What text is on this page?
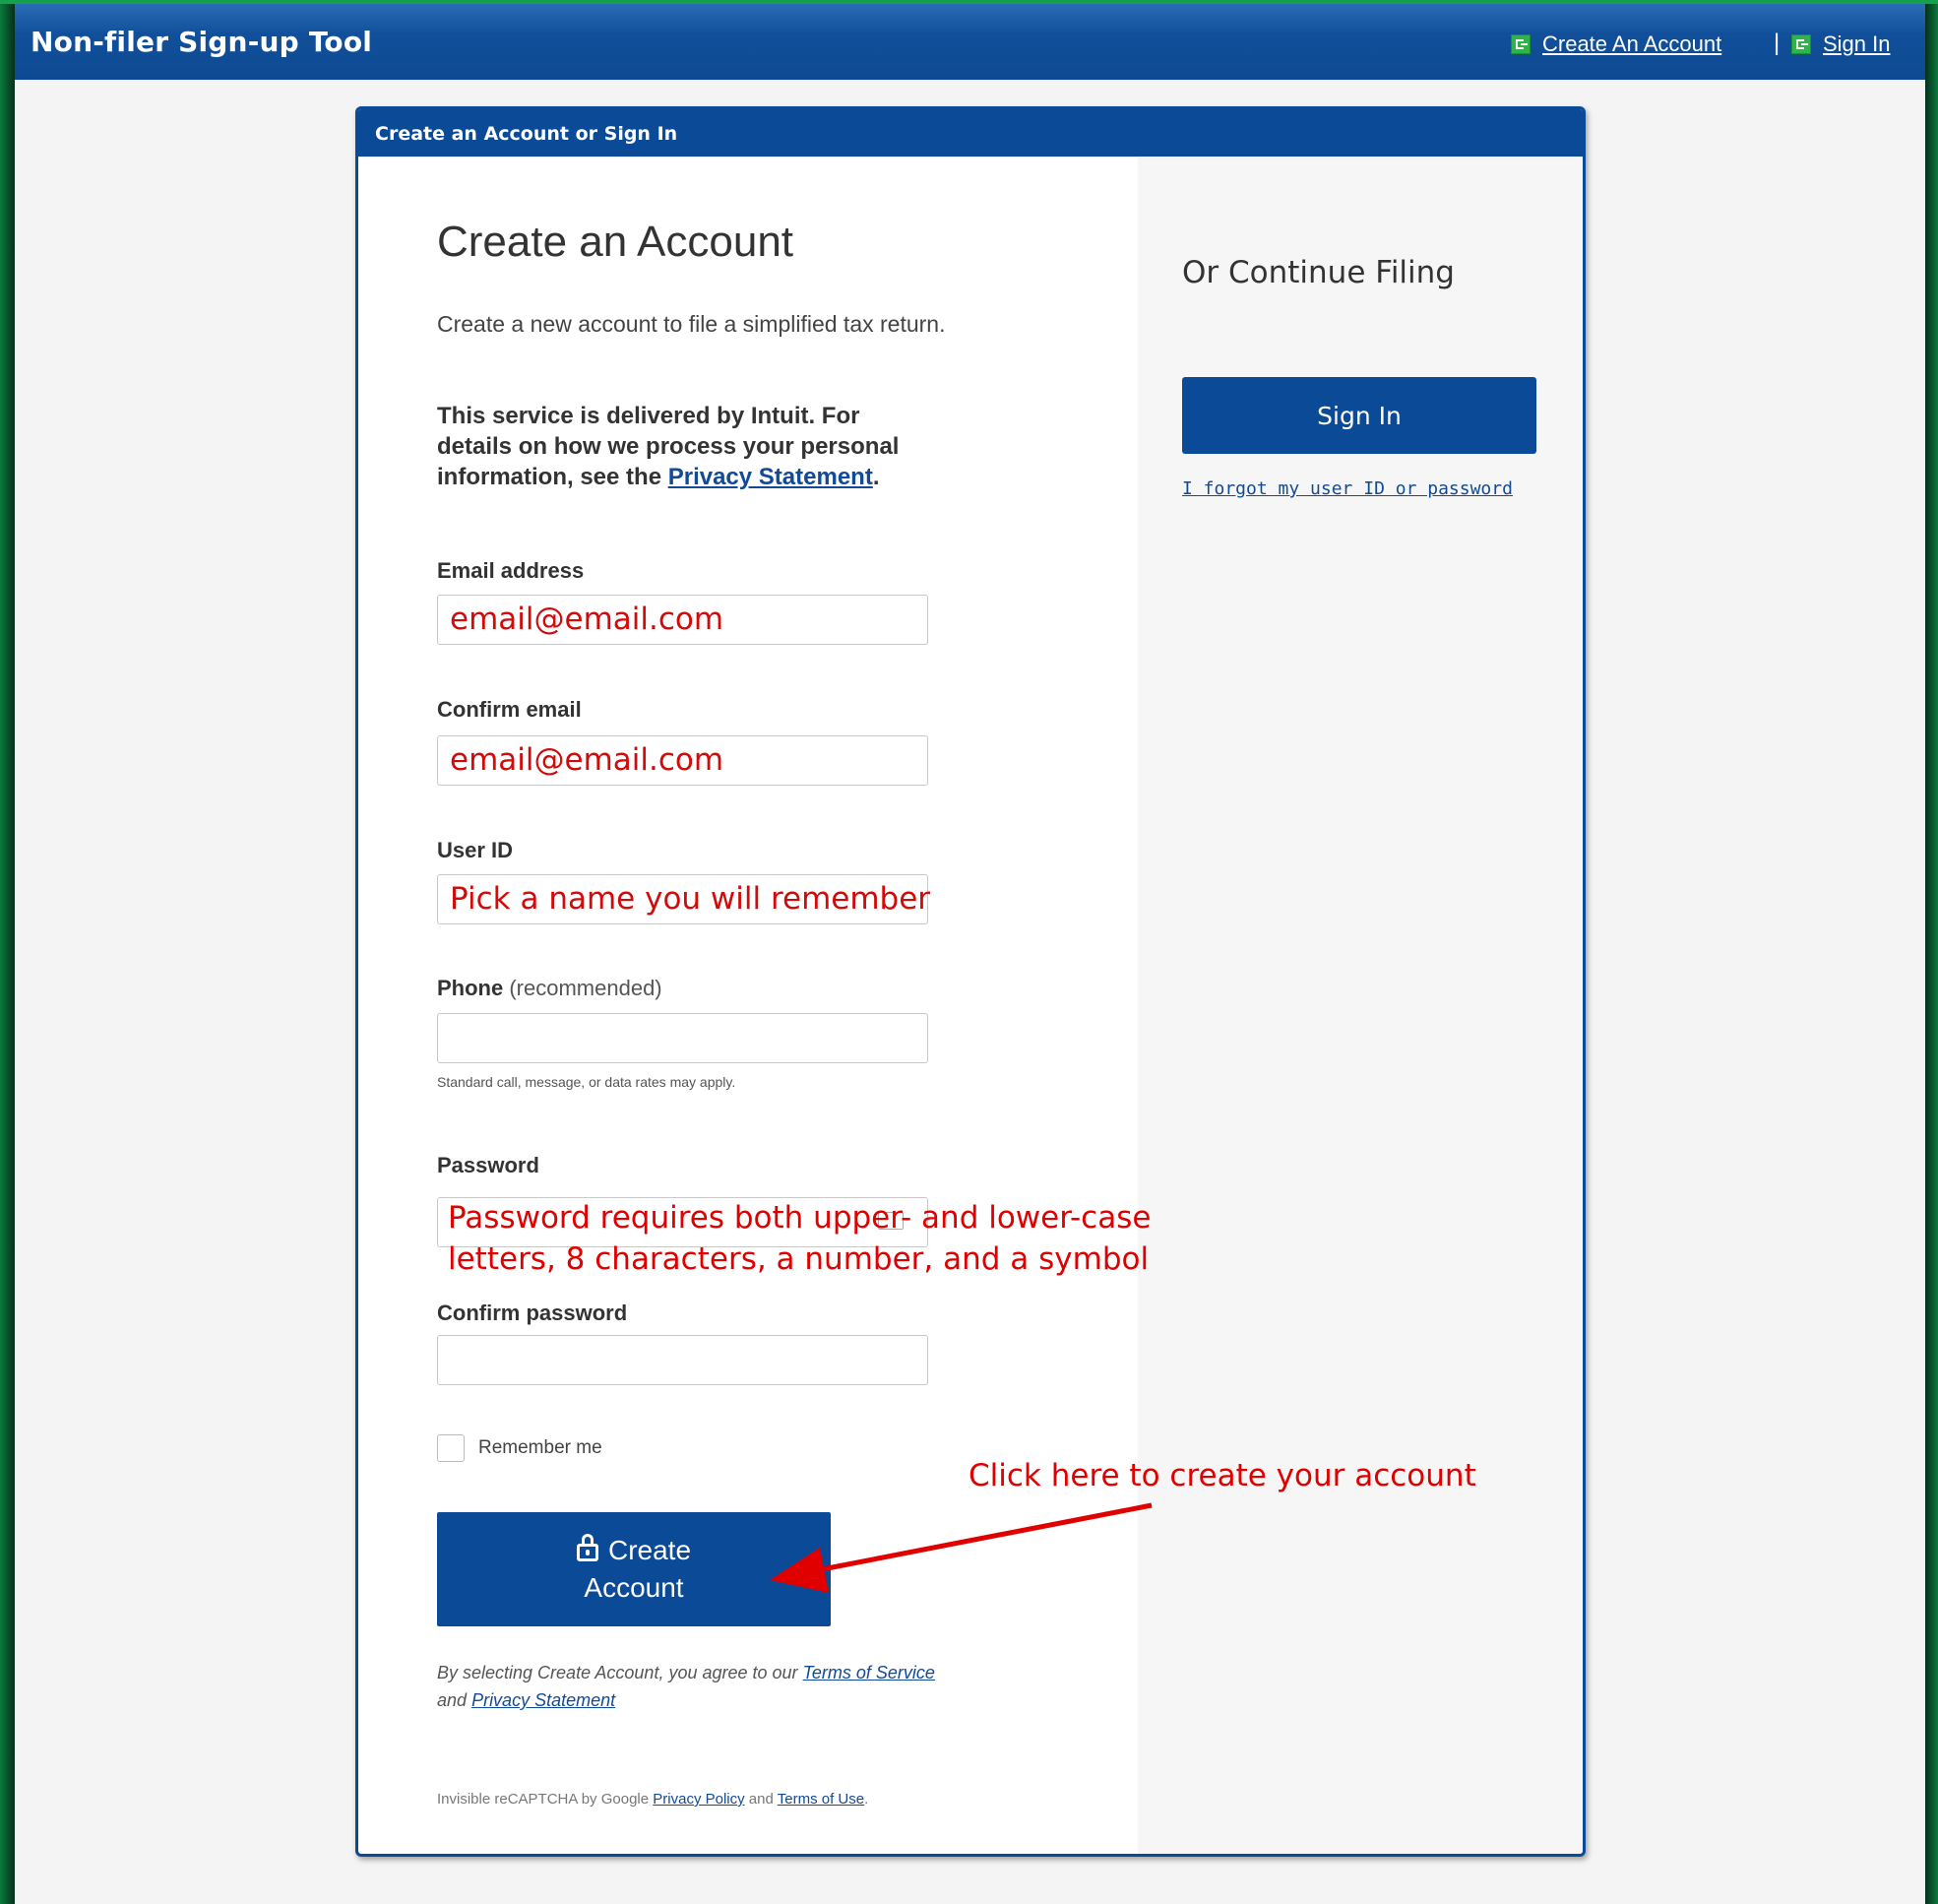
Non-filer Sign-up Tool	Create An Account | Sign In
Create an Account or Sign In
Create an Account
Create a new account to file a simplified tax return.
This service is delivered by Intuit. For details on how we process your personal information, see the Privacy Statement.
Email address
email@email.com
Confirm email
email@email.com
User ID
Pick a name you will remember
Phone (recommended)
Standard call, message, or data rates may apply.
Password
Confirm password
Remember me
Create
Account
By selecting Create Account, you agree to our Terms of Service
and Privacy Statement
Invisible reCAPTCHA by Google Privacy Policy and Terms of Use.
Or Continue Filing
Sign In
I forgot my user ID or password
Password requires both upper- and lower-case
letters, 8 characters, a number, and a symbol
Click here to create your account
